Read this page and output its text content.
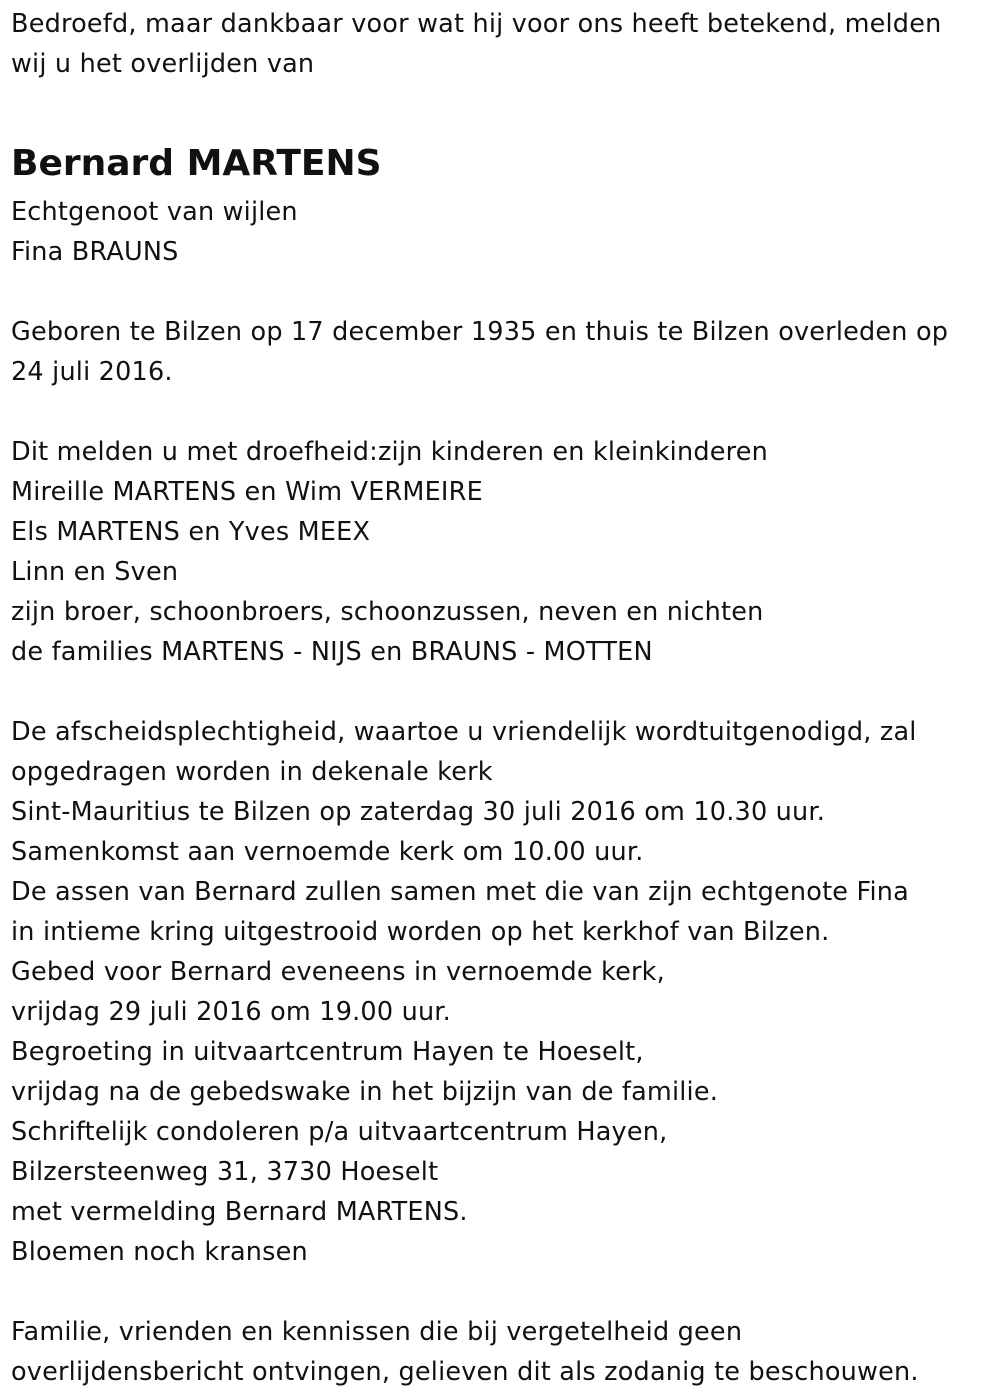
Bedroefd, maar dankbaar voor wat hij voor ons heeft betekend, melden
wij u het overlijden van
Bernard MARTENS
Echtgenoot van wijlen
Fina BRAUNS
Geboren te Bilzen op 17 december 1935 en thuis te Bilzen overleden op
24 juli 2016.
Dit melden u met droefheid:zijn kinderen en kleinkinderen
Mireille MARTENS en Wim VERMEIRE
Els MARTENS en Yves MEEX
Linn en Sven
zijn broer, schoonbroers, schoonzussen, neven en nichten
de families MARTENS - NIJS en BRAUNS - MOTTEN
De afscheidsplechtigheid, waartoe u vriendelijk wordtuitgenodigd, zal
opgedragen worden in dekenale kerk
Sint-Mauritius te Bilzen op zaterdag 30 juli 2016 om 10.30 uur.
Samenkomst aan vernoemde kerk om 10.00 uur.
De assen van Bernard zullen samen met die van zijn echtgenote Fina
in intieme kring uitgestrooid worden op het kerkhof van Bilzen.
Gebed voor Bernard eveneens in vernoemde kerk,
vrijdag 29 juli 2016 om 19.00 uur.
Begroeting in uitvaartcentrum Hayen te Hoeselt,
vrijdag na de gebedswake in het bijzijn van de familie.
Schriftelijk condoleren p/a uitvaartcentrum Hayen,
Bilzersteenweg 31, 3730 Hoeselt
met vermelding Bernard MARTENS.
Bloemen noch kransen
Familie, vrienden en kennissen die bij vergetelheid geen
overlijdensbericht ontvingen, gelieven dit als zodanig te beschouwen.
